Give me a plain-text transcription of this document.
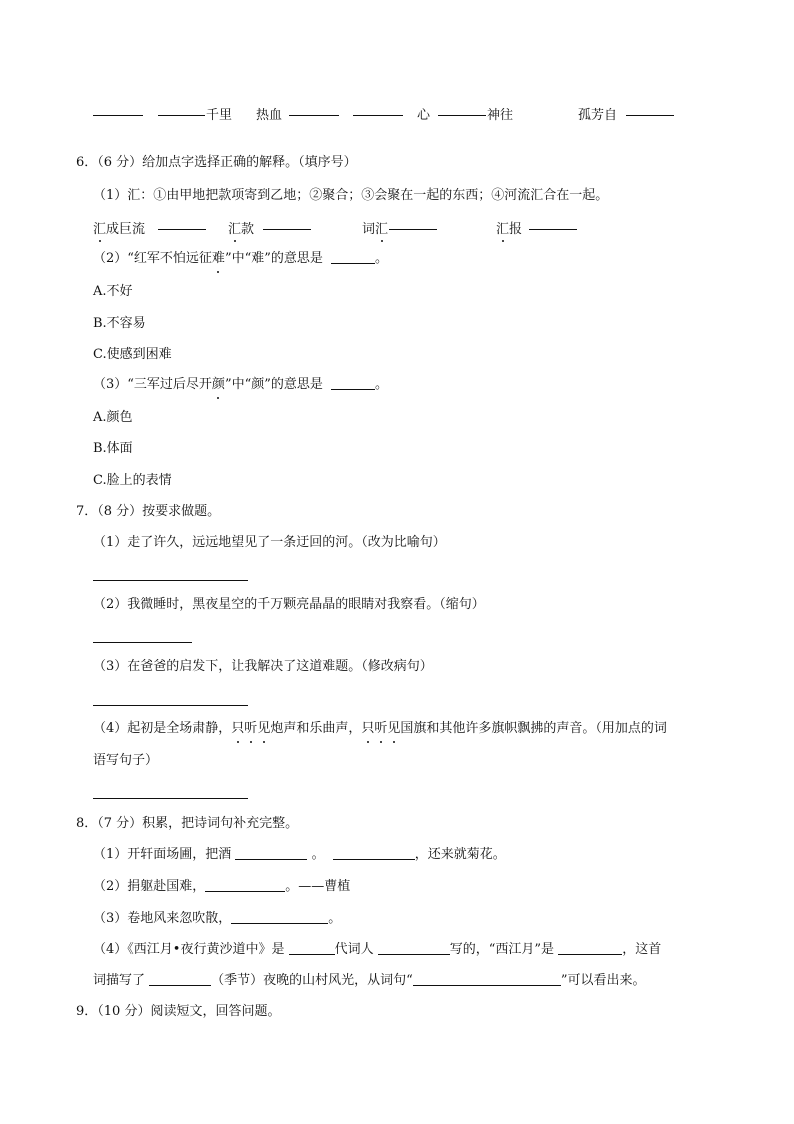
千里 热血	心	神往	孤芳自
6．（6 分）给加点字选择正确的解释。（填序号）
（1）汇：①由甲地把款项寄到乙地；②聚合；③会聚在一起的东西；④河流汇合在一起。
汇成巨流	汇款	词汇	汇报
（2）“红军不怕远征难”中“难”的意思是	。
A.不好
B.不容易
C.使感到困难
（3）“三军过后尽开颜”中“颜”的意思是	。
A.颜色
B.体面
C.脸上的表情
7．（8 分）按要求做题。
（1）走了许久，远远地望见了一条迂回的河。（改为比喻句）
（2）我微睡时，黑夜星空的千万颗亮晶晶的眼睛对我察看。（缩句）
（3）在爸爸的启发下，让我解决了这道难题。（修改病句）
（4）起初是全场肃静，只听见炮声和乐曲声，只听见国旗和其他许多旗帜飘拂的声音。（用加点的词
语写句子）
8．（7 分）积累，把诗词句补充完整。
（1）开轩面场圃，把酒	。	，还来就菊花。
（2）捐躯赴国难，	。——曹植
（3）卷地风来忽吹散，	。
（4）《西江月•夜行黄沙道中》是	代词人	写的，“西江月”是	，这首
词描写了	（季节）夜晚的山村风光，从词句“	”可以看出来。
9．（10 分）阅读短文，回答问题。
